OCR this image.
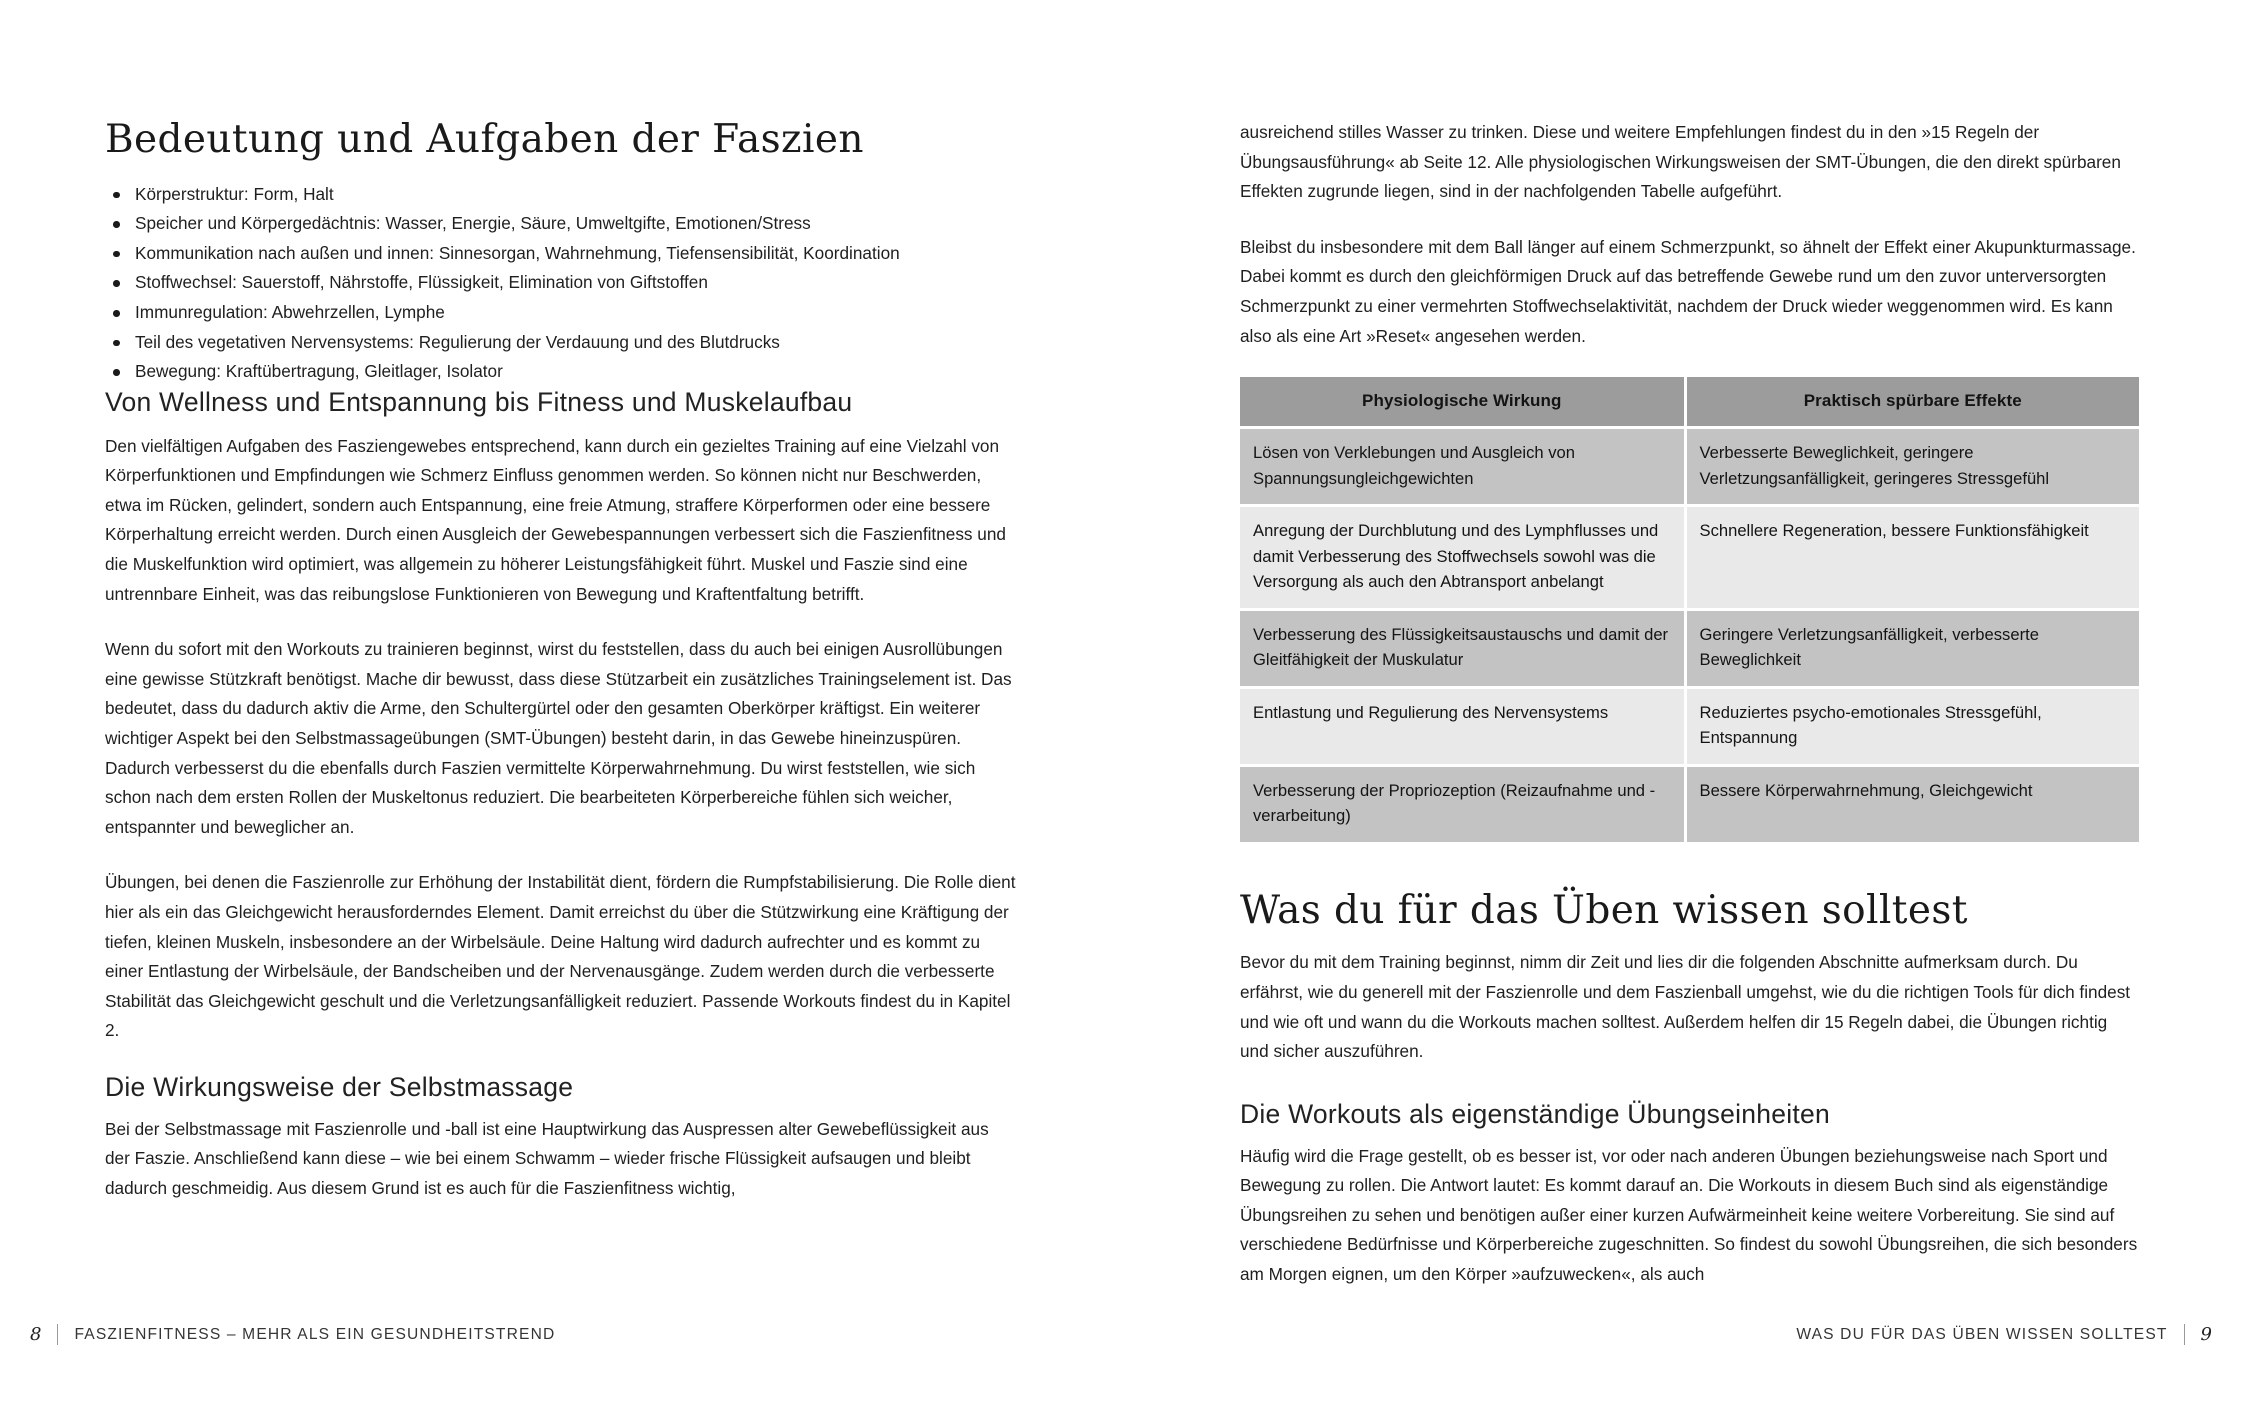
Bedeutung und Aufgaben der Faszien
Körperstruktur: Form, Halt
Speicher und Körpergedächtnis: Wasser, Energie, Säure, Umweltgifte, Emotionen/Stress
Kommunikation nach außen und innen: Sinnesorgan, Wahrnehmung, Tiefensensibilität, Koordination
Stoffwechsel: Sauerstoff, Nährstoffe, Flüssigkeit, Elimination von Giftstoffen
Immunregulation: Abwehrzellen, Lymphe
Teil des vegetativen Nervensystems: Regulierung der Verdauung und des Blutdrucks
Bewegung: Kraftübertragung, Gleitlager, Isolator
Von Wellness und Entspannung bis Fitness und Muskelaufbau

Den vielfältigen Aufgaben des Fasziengewebes entsprechend, kann durch ein gezieltes Training auf eine Vielzahl von Körperfunktionen und Empfindungen wie Schmerz Einfluss genommen werden. So können nicht nur Beschwerden, etwa im Rücken, gelindert, sondern auch Entspannung, eine freie Atmung, straffere Körperformen oder eine bessere Körperhaltung erreicht werden. Durch einen Ausgleich der Gewebespannungen verbessert sich die Faszienfitness und die Muskelfunktion wird optimiert, was allgemein zu höherer Leistungsfähigkeit führt. Muskel und Faszie sind eine untrennbare Einheit, was das reibungslose Funktionieren von Bewegung und Kraftentfaltung betrifft.

Wenn du sofort mit den Workouts zu trainieren beginnst, wirst du feststellen, dass du auch bei einigen Ausrollübungen eine gewisse Stützkraft benötigst. Mache dir bewusst, dass diese Stützarbeit ein zusätzliches Trainingselement ist. Das bedeutet, dass du dadurch aktiv die Arme, den Schultergürtel oder den gesamten Oberkörper kräftigst. Ein weiterer wichtiger Aspekt bei den Selbstmassageübungen (SMT-Übungen) besteht darin, in das Gewebe hineinzuspüren. Dadurch verbesserst du die ebenfalls durch Faszien vermittelte Körperwahrnehmung. Du wirst feststellen, wie sich schon nach dem ersten Rollen der Muskeltonus reduziert. Die bearbeiteten Körperbereiche fühlen sich weicher, entspannter und beweglicher an.

Übungen, bei denen die Faszienrolle zur Erhöhung der Instabilität dient, fördern die Rumpfstabilisierung. Die Rolle dient hier als ein das Gleichgewicht herausforderndes Element. Damit erreichst du über die Stützwirkung eine Kräftigung der tiefen, kleinen Muskeln, insbesondere an der Wirbelsäule. Deine Haltung wird dadurch aufrechter und es kommt zu einer Entlastung der Wirbelsäule, der Bandscheiben und der Nervenausgänge. Zudem werden durch die verbesserte Stabilität das Gleichgewicht geschult und die Verletzungsanfälligkeit reduziert. Passende Workouts findest du in Kapitel 2.

Die Wirkungsweise der Selbstmassage

Bei der Selbstmassage mit Faszienrolle und -ball ist eine Hauptwirkung das Auspressen alter Gewebeflüssigkeit aus der Faszie. Anschließend kann diese – wie bei einem Schwamm – wieder frische Flüssigkeit aufsaugen und bleibt dadurch geschmeidig. Aus diesem Grund ist es auch für die Faszienfitness wichtig,

8 FASZIENFITNESS – MEHR ALS EIN GESUNDHEITSTREND

ausreichend stilles Wasser zu trinken. Diese und weitere Empfehlungen findest du in den »15 Regeln der Übungsausführung« ab Seite 12. Alle physiologischen Wirkungsweisen der SMT-Übungen, die den direkt spürbaren Effekten zugrunde liegen, sind in der nachfolgenden Tabelle aufgeführt.

Bleibst du insbesondere mit dem Ball länger auf einem Schmerzpunkt, so ähnelt der Effekt einer Akupunkturmassage. Dabei kommt es durch den gleichförmigen Druck auf das betreffende Gewebe rund um den zuvor unterversorgten Schmerzpunkt zu einer vermehrten Stoffwechselaktivität, nachdem der Druck wieder weggenommen wird. Es kann also als eine Art »Reset« angesehen werden.

Physiologische Wirkung	Praktisch spürbare Effekte
Lösen von Verklebungen und Ausgleich von Spannungsungleichgewichten	Verbesserte Beweglichkeit, geringere Verletzungsanfälligkeit, geringeres Stressgefühl
Anregung der Durchblutung und des Lymphflusses und damit Verbesserung des Stoffwechsels sowohl was die Versorgung als auch den Abtransport anbelangt	Schnellere Regeneration, bessere Funktionsfähigkeit
Verbesserung des Flüssigkeitsaustauschs und damit der Gleitfähigkeit der Muskulatur	Geringere Verletzungsanfälligkeit, verbesserte Beweglichkeit
Entlastung und Regulierung des Nervensystems	Reduziertes psycho-emotionales Stressgefühl, Entspannung
Verbesserung der Propriozeption (Reizaufnahme und -verarbeitung)	Bessere Körperwahrnehmung, Gleichgewicht
Was du für das Üben wissen solltest

Bevor du mit dem Training beginnst, nimm dir Zeit und lies dir die folgenden Abschnitte aufmerksam durch. Du erfährst, wie du generell mit der Faszienrolle und dem Faszienball umgehst, wie du die richtigen Tools für dich findest und wie oft und wann du die Workouts machen solltest. Außerdem helfen dir 15 Regeln dabei, die Übungen richtig und sicher auszuführen.

Die Workouts als eigenständige Übungseinheiten

Häufig wird die Frage gestellt, ob es besser ist, vor oder nach anderen Übungen beziehungsweise nach Sport und Bewegung zu rollen. Die Antwort lautet: Es kommt darauf an. Die Workouts in diesem Buch sind als eigenständige Übungsreihen zu sehen und benötigen außer einer kurzen Aufwärmeinheit keine weitere Vorbereitung. Sie sind auf verschiedene Bedürfnisse und Körperbereiche zugeschnitten. So findest du sowohl Übungsreihen, die sich besonders am Morgen eignen, um den Körper »aufzuwecken«, als auch

WAS DU FÜR DAS ÜBEN WISSEN SOLLTEST 9
